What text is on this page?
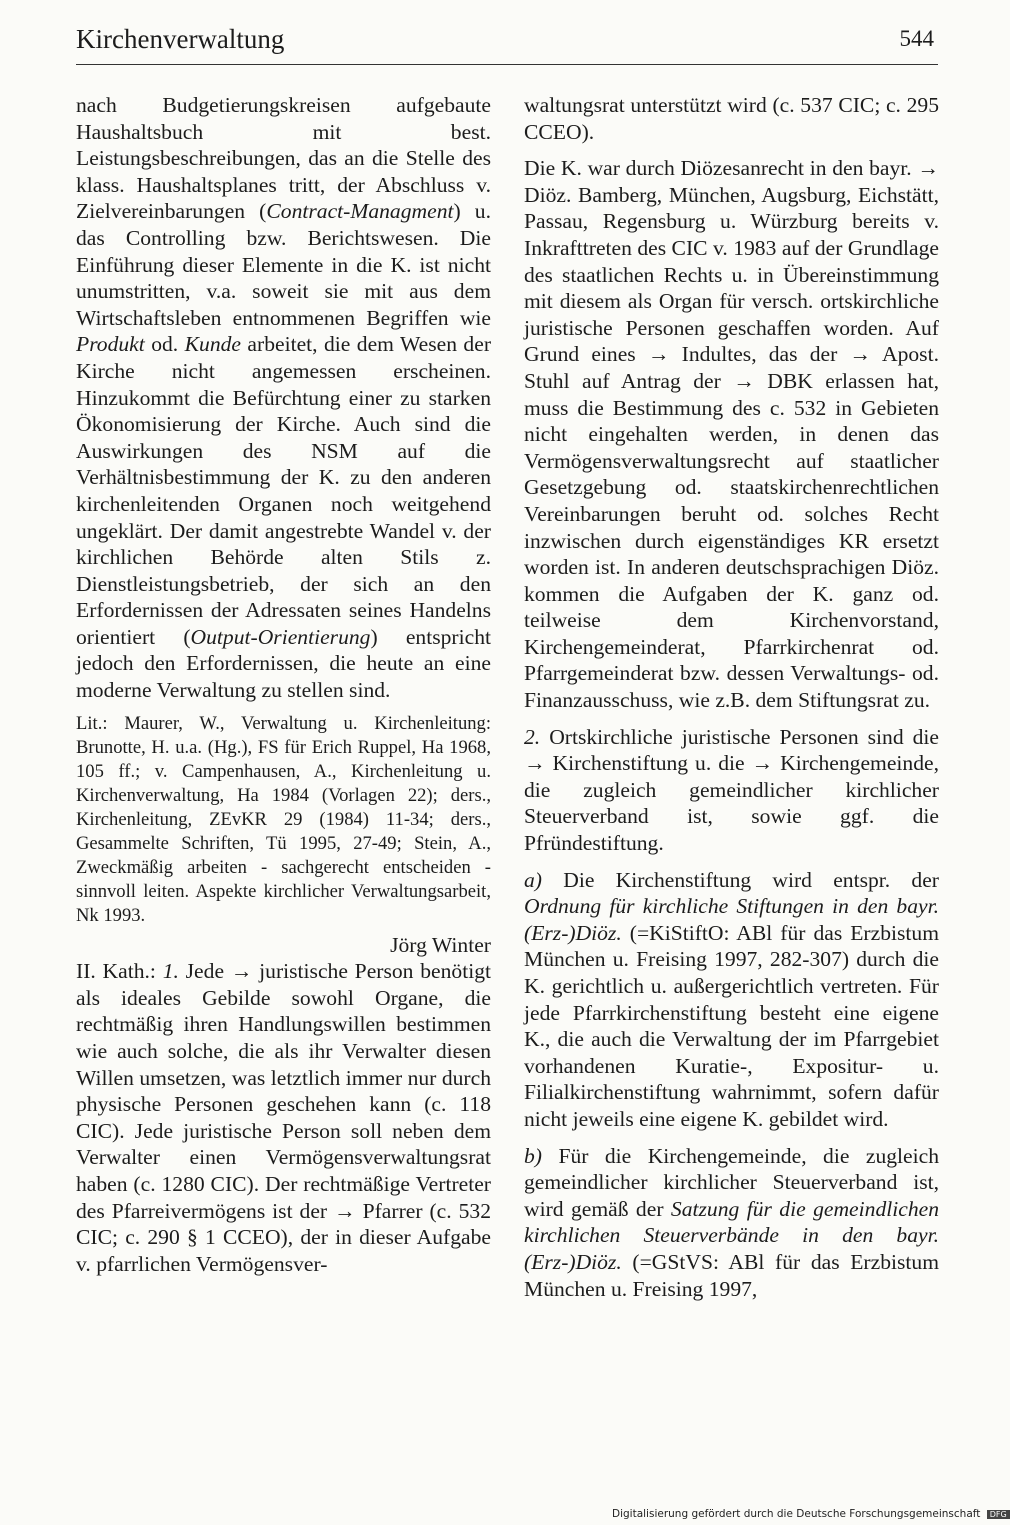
Kirchenverwaltung	544

nach Budgetierungskreisen aufgebaute Haushaltsbuch mit best. Leistungsbeschreibungen, das an die Stelle des klass. Haushaltsplanes tritt, der Abschluss v. Zielvereinbarungen (Contract-Managment) u. das Controlling bzw. Berichtswesen. Die Einführung dieser Elemente in die K. ist nicht unumstritten, v.a. soweit sie mit aus dem Wirtschaftsleben entnommenen Begriffen wie Produkt od. Kunde arbeitet, die dem Wesen der Kirche nicht angemessen erscheinen. Hinzukommt die Befürchtung einer zu starken Ökonomisierung der Kirche. Auch sind die Auswirkungen des NSM auf die Verhältnisbestimmung der K. zu den anderen kirchenleitenden Organen noch weitgehend ungeklärt. Der damit angestrebte Wandel v. der kirchlichen Behörde alten Stils z. Dienstleistungsbetrieb, der sich an den Erfordernissen der Adressaten seines Handelns orientiert (Output-Orientierung) entspricht jedoch den Erfordernissen, die heute an eine moderne Verwaltung zu stellen sind.

Lit.: Maurer, W., Verwaltung u. Kirchenleitung: Brunotte, H. u.a. (Hg.), FS für Erich Ruppel, Ha 1968, 105 ff.; v. Campenhausen, A., Kirchenleitung u. Kirchenverwaltung, Ha 1984 (Vorlagen 22); ders., Kirchenleitung, ZEvKR 29 (1984) 11-34; ders., Gesammelte Schriften, Tü 1995, 27-49; Stein, A., Zweckmäßig arbeiten - sachgerecht entscheiden - sinnvoll leiten. Aspekte kirchlicher Verwaltungsarbeit, Nk 1993.

Jörg Winter

II. Kath.: 1. Jede → juristische Person benötigt als ideales Gebilde sowohl Organe, die rechtmäßig ihren Handlungswillen bestimmen wie auch solche, die als ihr Verwalter diesen Willen umsetzen, was letztlich immer nur durch physische Personen geschehen kann (c. 118 CIC). Jede juristische Person soll neben dem Verwalter einen Vermögensverwaltungsrat haben (c. 1280 CIC). Der rechtmäßige Vertreter des Pfarreivermögens ist der → Pfarrer (c. 532 CIC; c. 290 § 1 CCEO), der in dieser Aufgabe v. pfarrlichen Vermögensver-

waltungsrat unterstützt wird (c. 537 CIC; c. 295 CCEO).

Die K. war durch Diözesanrecht in den bayr. → Diöz. Bamberg, München, Augsburg, Eichstätt, Passau, Regensburg u. Würzburg bereits v. Inkrafttreten des CIC v. 1983 auf der Grundlage des staatlichen Rechts u. in Übereinstimmung mit diesem als Organ für versch. ortskirchliche juristische Personen geschaffen worden. Auf Grund eines → Indultes, das der → Apost. Stuhl auf Antrag der → DBK erlassen hat, muss die Bestimmung des c. 532 in Gebieten nicht eingehalten werden, in denen das Vermögensverwaltungsrecht auf staatlicher Gesetzgebung od. staatskirchenrechtlichen Vereinbarungen beruht od. solches Recht inzwischen durch eigenständiges KR ersetzt worden ist. In anderen deutschsprachigen Diöz. kommen die Aufgaben der K. ganz od. teilweise dem Kirchenvorstand, Kirchengemeinderat, Pfarrkirchenrat od. Pfarrgemeinderat bzw. dessen Verwaltungs- od. Finanzausschuss, wie z.B. dem Stiftungsrat zu.

2. Ortskirchliche juristische Personen sind die → Kirchenstiftung u. die → Kirchengemeinde, die zugleich gemeindlicher kirchlicher Steuerverband ist, sowie ggf. die Pfründestiftung.

a) Die Kirchenstiftung wird entspr. der Ordnung für kirchliche Stiftungen in den bayr. (Erz-)Diöz. (=KiStiftO: ABl für das Erzbistum München u. Freising 1997, 282-307) durch die K. gerichtlich u. außergerichtlich vertreten. Für jede Pfarrkirchenstiftung besteht eine eigene K., die auch die Verwaltung der im Pfarrgebiet vorhandenen Kuratie-, Expositur- u. Filialkirchenstiftung wahrnimmt, sofern dafür nicht jeweils eine eigene K. gebildet wird.

b) Für die Kirchengemeinde, die zugleich gemeindlicher kirchlicher Steuerverband ist, wird gemäß der Satzung für die gemeindlichen kirchlichen Steuerverbände in den bayr. (Erz-)Diöz. (=GStVS: ABl für das Erzbistum München u. Freising 1997,

Digitalisierung gefördert durch die Deutsche Forschungsgemeinschaft DFG
